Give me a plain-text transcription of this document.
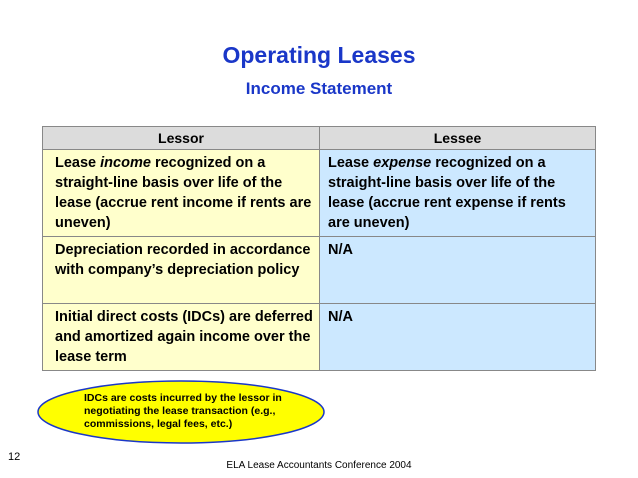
Operating Leases
Income Statement
Lessor	Lessee
Lease income recognized on a straight-line basis over life of the lease (accrue rent income if rents are uneven)	Lease expense recognized on a straight-line basis over life of the lease (accrue rent expense if rents are uneven)
Depreciation recorded in accordance with company’s depreciation policy	N/A
Initial direct costs (IDCs) are deferred and amortized again income over the lease term	N/A
IDCs are costs incurred by the lessor in negotiating the lease transaction (e.g., commissions, legal fees, etc.)
12
ELA Lease Accountants Conference 2004
